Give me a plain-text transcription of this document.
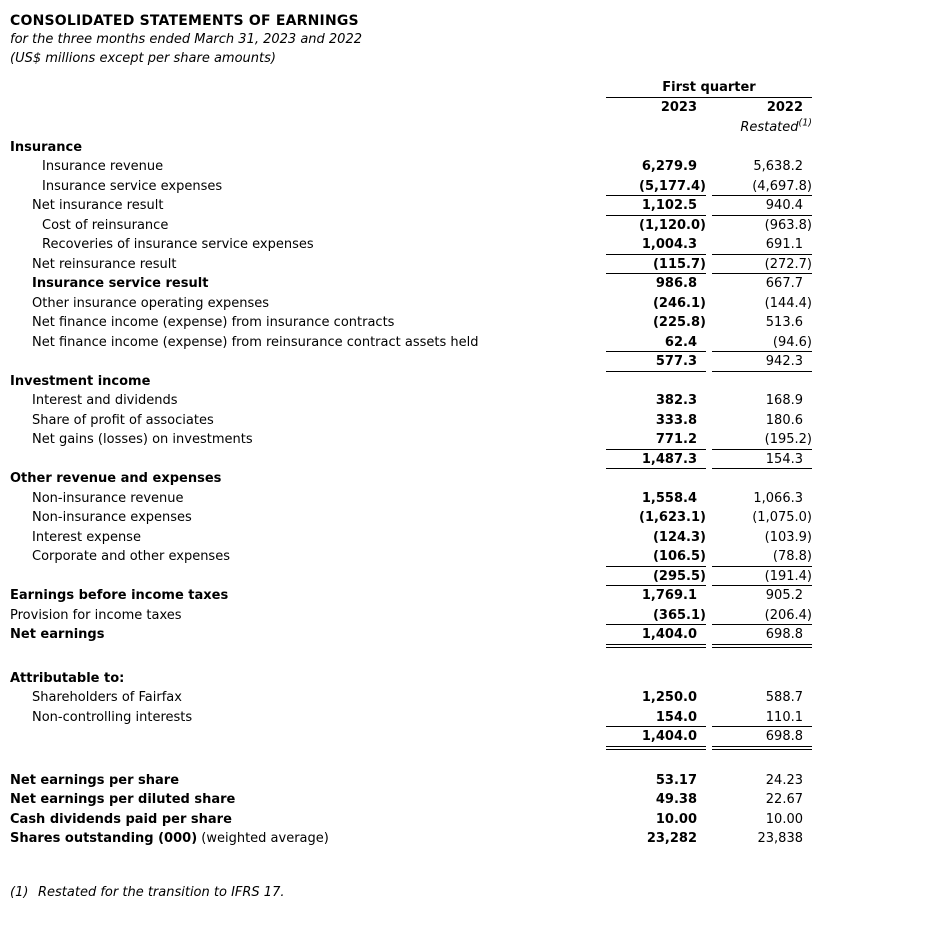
CONSOLIDATED STATEMENTS OF EARNINGS
for the three months ended March 31, 2023 and 2022
(US$ millions except per share amounts)
First quarter
2023	2022
Restated$^{(1)}$
Insurance
Insurance revenue	6,279.9	5,638.2
Insurance service expenses	(5,177.4)	(4,697.8)
Net insurance result	1,102.5	940.4
Cost of reinsurance	(1,120.0)	(963.8)
Recoveries of insurance service expenses	1,004.3	691.1
Net reinsurance result	(115.7)	(272.7)
Insurance service result	986.8	667.7
Other insurance operating expenses	(246.1)	(144.4)
Net finance income (expense) from insurance contracts	(225.8)	513.6
Net finance income (expense) from reinsurance contract assets held	62.4	(94.6)
577.3	942.3
Investment income
Interest and dividends	382.3	168.9
Share of profit of associates	333.8	180.6
Net gains (losses) on investments	771.2	(195.2)
1,487.3	154.3
Other revenue and expenses
Non-insurance revenue	1,558.4	1,066.3
Non-insurance expenses	(1,623.1)	(1,075.0)
Interest expense	(124.3)	(103.9)
Corporate and other expenses	(106.5)	(78.8)
(295.5)	(191.4)
Earnings before income taxes	1,769.1	905.2
Provision for income taxes	(365.1)	(206.4)
Net earnings	1,404.0	698.8
Attributable to:
Shareholders of Fairfax	1,250.0	588.7
Non-controlling interests	154.0	110.1
1,404.0	698.8
Net earnings per share	53.17	24.23
Net earnings per diluted share	49.38	22.67
Cash dividends paid per share	10.00	10.00
Shares outstanding (000) (weighted average)	23,282	23,838
(1) Restated for the transition to IFRS 17.
